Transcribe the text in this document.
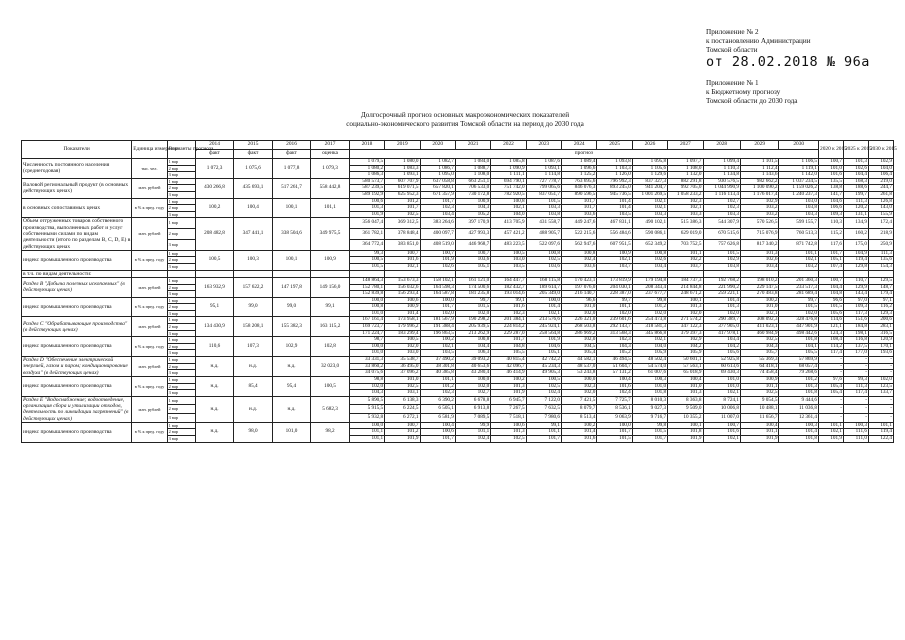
Приложение № 2
к постановлению Администрации
Томской области
от 28.02.2018 № 96а
Приложение № 1
к Бюджетному прогнозу
Томской области до 2030 года
Долгосрочный прогноз основных макроэкономических показателей
социально-экономического развития Томской области на период до 2030 года
Показатели	Единица измерения	Варианты прогноза	2014	2015	2016	2017	2018	2019	2020	2021	2022	2023	2024	2025	2026	2027	2028	2029	2030	2020 к 2015	2025 к 2015	2030 к 2015
			факт	факт	факт	оценка	прогноз															
Численность постоянного населения (среднегодовая)	тыс. чел.	1 вар	1 072,3	1 075,6	1 077,8	1 079,3	1 079,5	1 080,0	1 082,7	1 084,0	1 085,8	1 087,6	1 089,4	1 093,8	1 095,8	1 097,7	1 099,4	1 101,5	1 106,5	100,7	101,3	102,9
		2 вар					1 080,2	1 083,3	1 086,7	1 088,7	1 090,9	1 093,1	1 096,6	1 103,3	1 105,6	1 108,0	1 110,3	1 112,4	1 119,1	101,0	102,6	104,0
		3 вар					1 086,3	1 093,1	1 095,0	1 108,0	1 111,1	1 114,8	1 125,2	1 126,0	1 129,6	1 132,0	1 134,8	1 143,6	1 142,0	101,6	104,4	106,4
Валовой региональный продукт (в основных действующих ценах)	млн. рублей	1 вар	430 266,8	435 693,1	517 261,7	558 442,8	580 573,7	607 707,9	637 058,8	663 251,1	694 790,1	727 778,7	763 695,6	796 992,3	837 327,3	882 291,8	930 576,5	982 662,2	1 037 234,5	135,5	168,3	219,0
		2 вар					587 239,5	619 071,5	657 820,1	706 533,0	751 742,0	799 065,6	846 076,3	893 245,0	941 204,7	992 705,0	1 044 990,9	1 100 090,2	1 159 026,2	138,8	188,6	244,7
		3 вар					589 192,9	625 952,3	671 357,9	730 172,8	782 920,5	837 051,7	890 596,5	945 736,5	1 001 269,5	1 058 233,2	1 116 113,4	1 176 017,4	1 240 237,3	141,7	199,7	261,8
в основных сопоставимых ценах	в % к пред. году	1 вар	100,2	100,4	100,1	101,1	100,6	101,2	101,7	100,9	100,8	101,5	101,7	101,4	102,1	102,3	102,7	102,9	103,0	104,6	111,3	126,8
		2 вар					101,3	101,7	102,3	104,3	102,1	103,3	101,7	101,4	102,1	102,1	102,3	103,2	103,8	106,6	120,2	143,0
		3 вар					101,9	102,5	103,4	105,2	104,0	103,8	103,6	103,5	103,3	103,3	103,3	103,2	103,3	109,3	131,1	155,9
Объем отгруженных товаров собственного производства, выполненных работ и услуг собственными силами по видам деятельности (итого по разделам B, C, D, E) в действующих ценах	млн. рублей	1 вар	208 482,8	347 441,1	338 504,6	349 975,5	356 047,4	369 312,5	383 264,6	397 170,9	413 705,9	431 558,7	449 247,6	467 831,1	490 102,1	515 386,3	544 307,9	570 526,5	599 155,7	110,3	134,9	172,4
		2 вар					361 782,1	378 848,4	400 097,7	427 993,3	457 421,2	488 905,7	522 215,6	556 484,6	590 086,1	629 019,0	670 515,6	715 076,9	760 513,3	115,2	160,2	218,9
		3 вар					364 772,4	383 851,0	408 519,0	446 968,7	483 223,5	522 097,6	562 947,6	607 951,5	652 349,2	703 752,5	757 626,8	817 340,2	871 742,8	117,6	175,0	250,9
индекс промышленного производства	в % к пред. году	1 вар	100,5	100,3	100,1	100,9	99,3	100,7	100,7	100,7	100,5	100,8	100,8	100,9	100,8	101,1	101,5	101,3	101,1	101,7	104,9	111,3
		2 вар					100,5	101,6	101,9	103,6	103,0	102,5	102,4	102,1	102,6	102,2	102,9	102,6	102,1	105,1	119,4	135,6
		3 вар					101,5	102,1	102,6	105,1	103,5	103,6	103,6	103,7	103,4	103,7	103,8	103,4	103,2	107,4	129,8	154,3
в т.ч. по видам деятельности:																						
Раздел B "Добыча полезных ископаемых" (в действующих ценах)	млн. рублей	1 вар	163 932,9	157 622,2	147 197,8	149 156,0	148 864,3	153 673,3	158 102,1	161 121,0	164 447,7	168 115,8	170 423,1	173 819,9	179 194,8	184 737,3	192 768,2	198 010,2	201 360,3	100,7	110,7	129,5
		2 вар					152 780,1	156 032,6	164 598,3	174 500,6	182 432,7	189 614,7	197 076,0	204 030,1	208 343,4	214 844,8	221 990,2	229 147,5	233 517,3	104,4	129,9	148,7
		3 вар					152 839,8	156 293,4	164 587,8	181 235,8	193 014,6	205 349,0	216 140,7	228 387,0	237 677,7	248 671,2	259 221,1	270 483,8	281 689,4	104,8	143,4	179,4
индекс промышленного производства	в % к пред. году	1 вар	95,1	99,0	99,0	99,1	100,0	100,6	100,0	99,7	99,1	100,0	96,6	99,7	99,8	100,1	101,4	100,2	99,7	96,6	97,0	97,1
		2 вар					100,8	100,9	101,7	101,5	101,6	101,4	101,0	101,1	101,2	101,3	101,3	101,0	101,5	101,5	109,3	116,2
		3 вар					101,0	101,4	102,0	102,0	102,3	102,1	102,0	102,0	102,0	102,0	102,0	102,1	102,0	105,6	117,3	129,3
Раздел C "Обрабатывающие производства" (в действующих ценах)	млн. рублей	1 вар	134 430,9	158 208,1	155 382,3	163 115,2	167 161,4	173 958,1	181 567,9	190 298,2	201 384,1	213 576,6	226 321,0	239 601,6	254 473,8	271 574,2	290 389,7	308 092,3	328 476,8	114,6	151,6	200,6
		2 вар					169 723,7	179 996,2	191 388,4	205 939,5	224 814,2	245 924,1	268 503,8	292 143,7	318 581,3	347 122,3	377 905,0	411 023,1	447 901,9	121,1	184,8	283,1
		3 вар					171 224,7	183 299,4	196 863,5	213 262,9	229 287,0	258 564,8	286 969,2	313 568,3	345 866,8	379 397,3	417 978,1	460 984,9	498 442,6	124,3	198,1	316,5
индекс промышленного производства	в % к пред. году	1 вар	110,6	107,3	102,9	102,8	98,7	100,5	100,2	100,8	101,7	101,9	102,0	102,3	102,1	102,9	103,4	102,5	101,8	108,4	116,8	120,9
		2 вар					100,0	102,0	102,1	104,4	104,8	104,6	104,5	104,3	104,0	104,2	104,2	104,3	104,1	114,2	137,5	170,1
		3 вар					101,0	103,0	103,5	106,3	105,5	105,1	105,4	105,2	105,9	105,9	105,6	105,7	105,5	117,4	177,0	193,6
Раздел D "Обеспечение электрической энергией, газом и паром; кондиционирование воздуха" (в действующих ценах)	млн. рублей	1 вар	н.д.	н.д.	н.д.	32 023,0	33 331,3	35 538,7	37 490,2	39 093,2	40 815,4	42 742,2	44 582,1	46 494,5	48 502,4	50 601,1	52 925,8	55 369,3	57 869,9	-	-	-
		2 вар					33 860,2	36 495,0	38 301,8	40 653,6	42 096,7	45 234,3	48 537,0	51 604,7	54 574,0	57 563,1	60 613,6	64 418,1	68 057,4	-	-	-
		3 вар					34 075,6	37 096,2	40 385,8	43 280,4	46 414,9	49 905,3	53 243,8	57 131,2	61 007,6	65 018,9	69 430,3	74 458,4	79 268,6	-	-	-
индекс промышленного производства	в % к пред. году	1 вар	н.д.	85,4	95,4	100,5	98,8	101,0	101,1	100,0	100,2	100,5	100,0	100,4	100,3	100,4	101,0	100,9	101,2	97,6	99,3	102,0
		2 вар					102,0	102,5	101,2	102,0	101,3	102,5	102,3	101,6	101,0	101,0	101,0	101,1	101,3	105,4	111,3	123,5
		3 вар					104,3	103,1	102,3	102,7	101,9	102,4	102,0	102,4	101,8	101,3	102,1	102,5	101,8	105,4	117,4	133,7
Раздел E "Водоснабжение; водоотведение, организация сбора и утилизации отходов, деятельность по ликвидации загрязнений" (в действующих ценах)	млн. рублей	1 вар	н.д.	н.д.	н.д.	5 682,3	5 890,5	6 138,3	6 390,2	6 678,8	6 945,7	7 122,0	7 421,5	7 725,7	8 010,3	8 363,8	8 724,1	9 054,5	9 444,6	-	-	-
		2 вар					5 915,5	6 224,5	6 505,1	6 913,8	7 267,5	7 632,5	8 079,7	8 536,1	9 027,3	9 509,0	10 006,8	10 488,1	11 036,8	-	-	-
		3 вар					5 932,8	6 272,1	6 581,9	7 089,5	7 518,1	7 980,6	8 513,4	9 063,9	9 716,7	10 355,2	11 007,0	11 656,7	12 361,4	-	-	-
индекс промышленного производства	в % к пред. году	1 вар	н.д.	98,0	101,0	98,2	100,0	100,7	100,4	99,9	100,6	99,1	100,2	100,0	99,8	100,1	100,7	100,4	100,3	101,1	100,3	101,1
		2 вар					101,1	101,2	100,6	101,1	101,3	101,1	101,4	101,7	101,5	101,8	101,6	101,1	101,4	102,1	111,6	119,4
		3 вар					101,1	101,9	101,7	102,4	102,5	101,7	101,6	101,5	101,7	101,9	102,1	101,9	101,8	101,9	111,0	122,4
